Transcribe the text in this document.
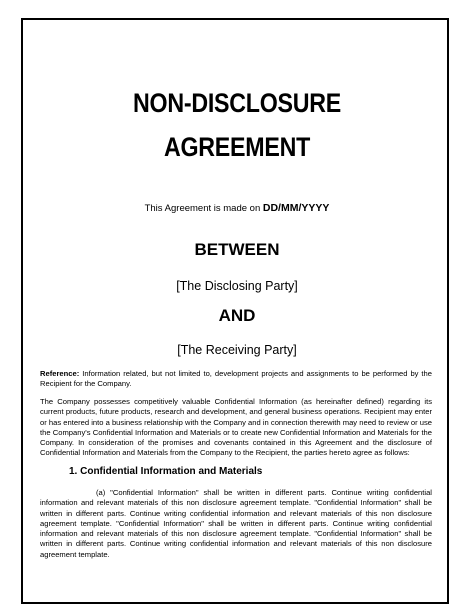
NON-DISCLOSURE
AGREEMENT
This Agreement is made on DD/MM/YYYY
BETWEEN
[The Disclosing Party]
AND
[The Receiving Party]

Reference: Information related, but not limited to, development projects and assignments to be performed by the Recipient for the Company.

The Company possesses competitively valuable Confidential Information (as hereinafter defined) regarding its current products, future products, research and development, and general business operations. Recipient may enter or has entered into a business relationship with the Company and in connection therewith may need to review or use the Company's Confidential Information and Materials or to create new Confidential Information and Materials for the Company. In consideration of the promises and covenants contained in this Agreement and the disclosure of Confidential Information and Materials from the Company to the Recipient, the parties hereto agree as follows:

1. Confidential Information and Materials

(a) "Confidential Information" shall be written in different parts. Continue writing confidential information and relevant materials of this non disclosure agreement template. "Confidential Information" shall be written in different parts. Continue writing confidential information and relevant materials of this non disclosure agreement template. "Confidential Information" shall be written in different parts. Continue writing confidential information and relevant materials of this non disclosure agreement template. "Confidential Information" shall be written in different parts. Continue writing confidential information and relevant materials of this non disclosure agreement template.
